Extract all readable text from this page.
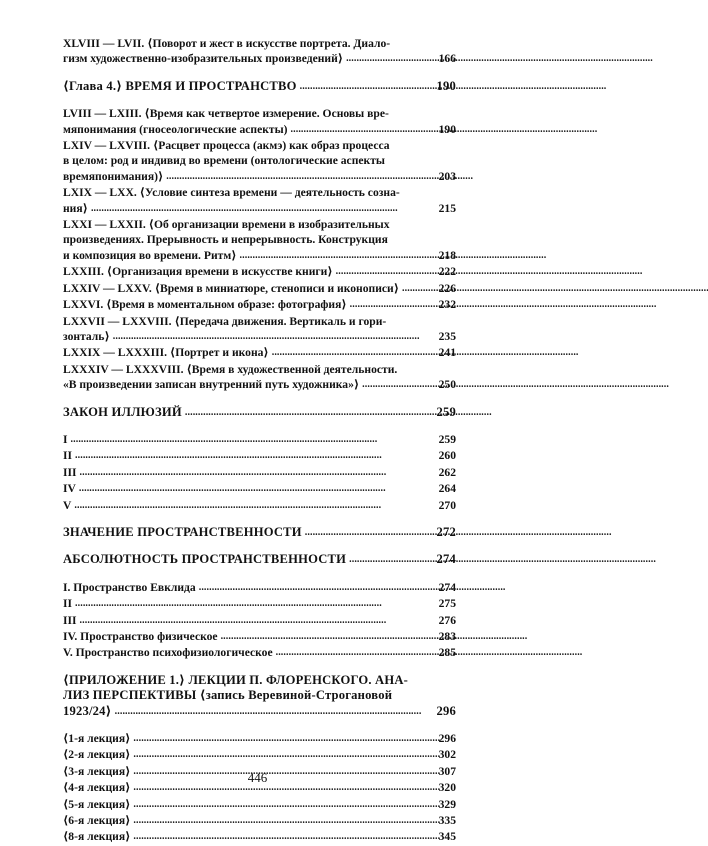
XLVIII — LVII. ⟨Поворот и жест в искусстве портрета. Диало-
гизм художественно-изобразительных произведений⟩ . . .	166
⟨Глава 4.⟩ ВРЕМЯ И ПРОСТРАНСТВО . . .	190
LVIII — LXIII. ⟨Время как четвертое измерение. Основы вре-
мяпонимания (гносеологические аспекты) . . .	190
LXIV — LXVIII. ⟨Расцвет процесса (акмэ) как образ процесса
в целом: род и индивид во времени (онтологические аспекты
времяпонимания)⟩ . . .	203
LXIX — LXX. ⟨Условие синтеза времени — деятельность созна-
ния⟩ . . .	215
LXXI — LXXII. ⟨Об организации времени в изобразительных
произведениях. Прерывность и непрерывность. Конструкция
и композиция во времени. Ритм⟩ . . .	218
LXXIII. ⟨Организация времени в искусстве книги⟩ . . .	222
LXXIV — LXXV. ⟨Время в миниатюре, стенописи и иконописи⟩ . . .	226
LXXVI. ⟨Время в моментальном образе: фотография⟩ . . .	232
LXXVII — LXXVIII. ⟨Передача движения. Вертикаль и гори-
зонталь⟩ . . .	235
LXXIX — LXXXIII. ⟨Портрет и икона⟩ . . .	241
LXXXIV — LXXXVIII. ⟨Время в художественной деятельности.
«В произведении записан внутренний путь художника»⟩ . . .	250
ЗАКОН ИЛЛЮЗИЙ . . .	259
I . . .	259
II . . .	260
III . . .	262
IV . . .	264
V . . .	270
ЗНАЧЕНИЕ ПРОСТРАНСТВЕННОСТИ . . .	272
АБСОЛЮТНОСТЬ ПРОСТРАНСТВЕННОСТИ . . .	274
I. Пространство Евклида . . .	274
II . . .	275
III . . .	276
IV. Пространство физическое . . .	283
V. Пространство психофизиологическое . . .	285
⟨ПРИЛОЖЕНИЕ 1.⟩ ЛЕКЦИИ П. ФЛОРЕНСКОГО. АНА-
ЛИЗ ПЕРСПЕКТИВЫ ⟨запись Верeвиной-Строгановой
1923/24⟩ . . .	296
⟨1-я лекция⟩ . . .	296
⟨2-я лекция⟩ . . .	302
⟨3-я лекция⟩ . . .	307
⟨4-я лекция⟩ . . .	320
⟨5-я лекция⟩ . . .	329
⟨6-я лекция⟩ . . .	335
⟨8-я лекция⟩ . . .	345
446
